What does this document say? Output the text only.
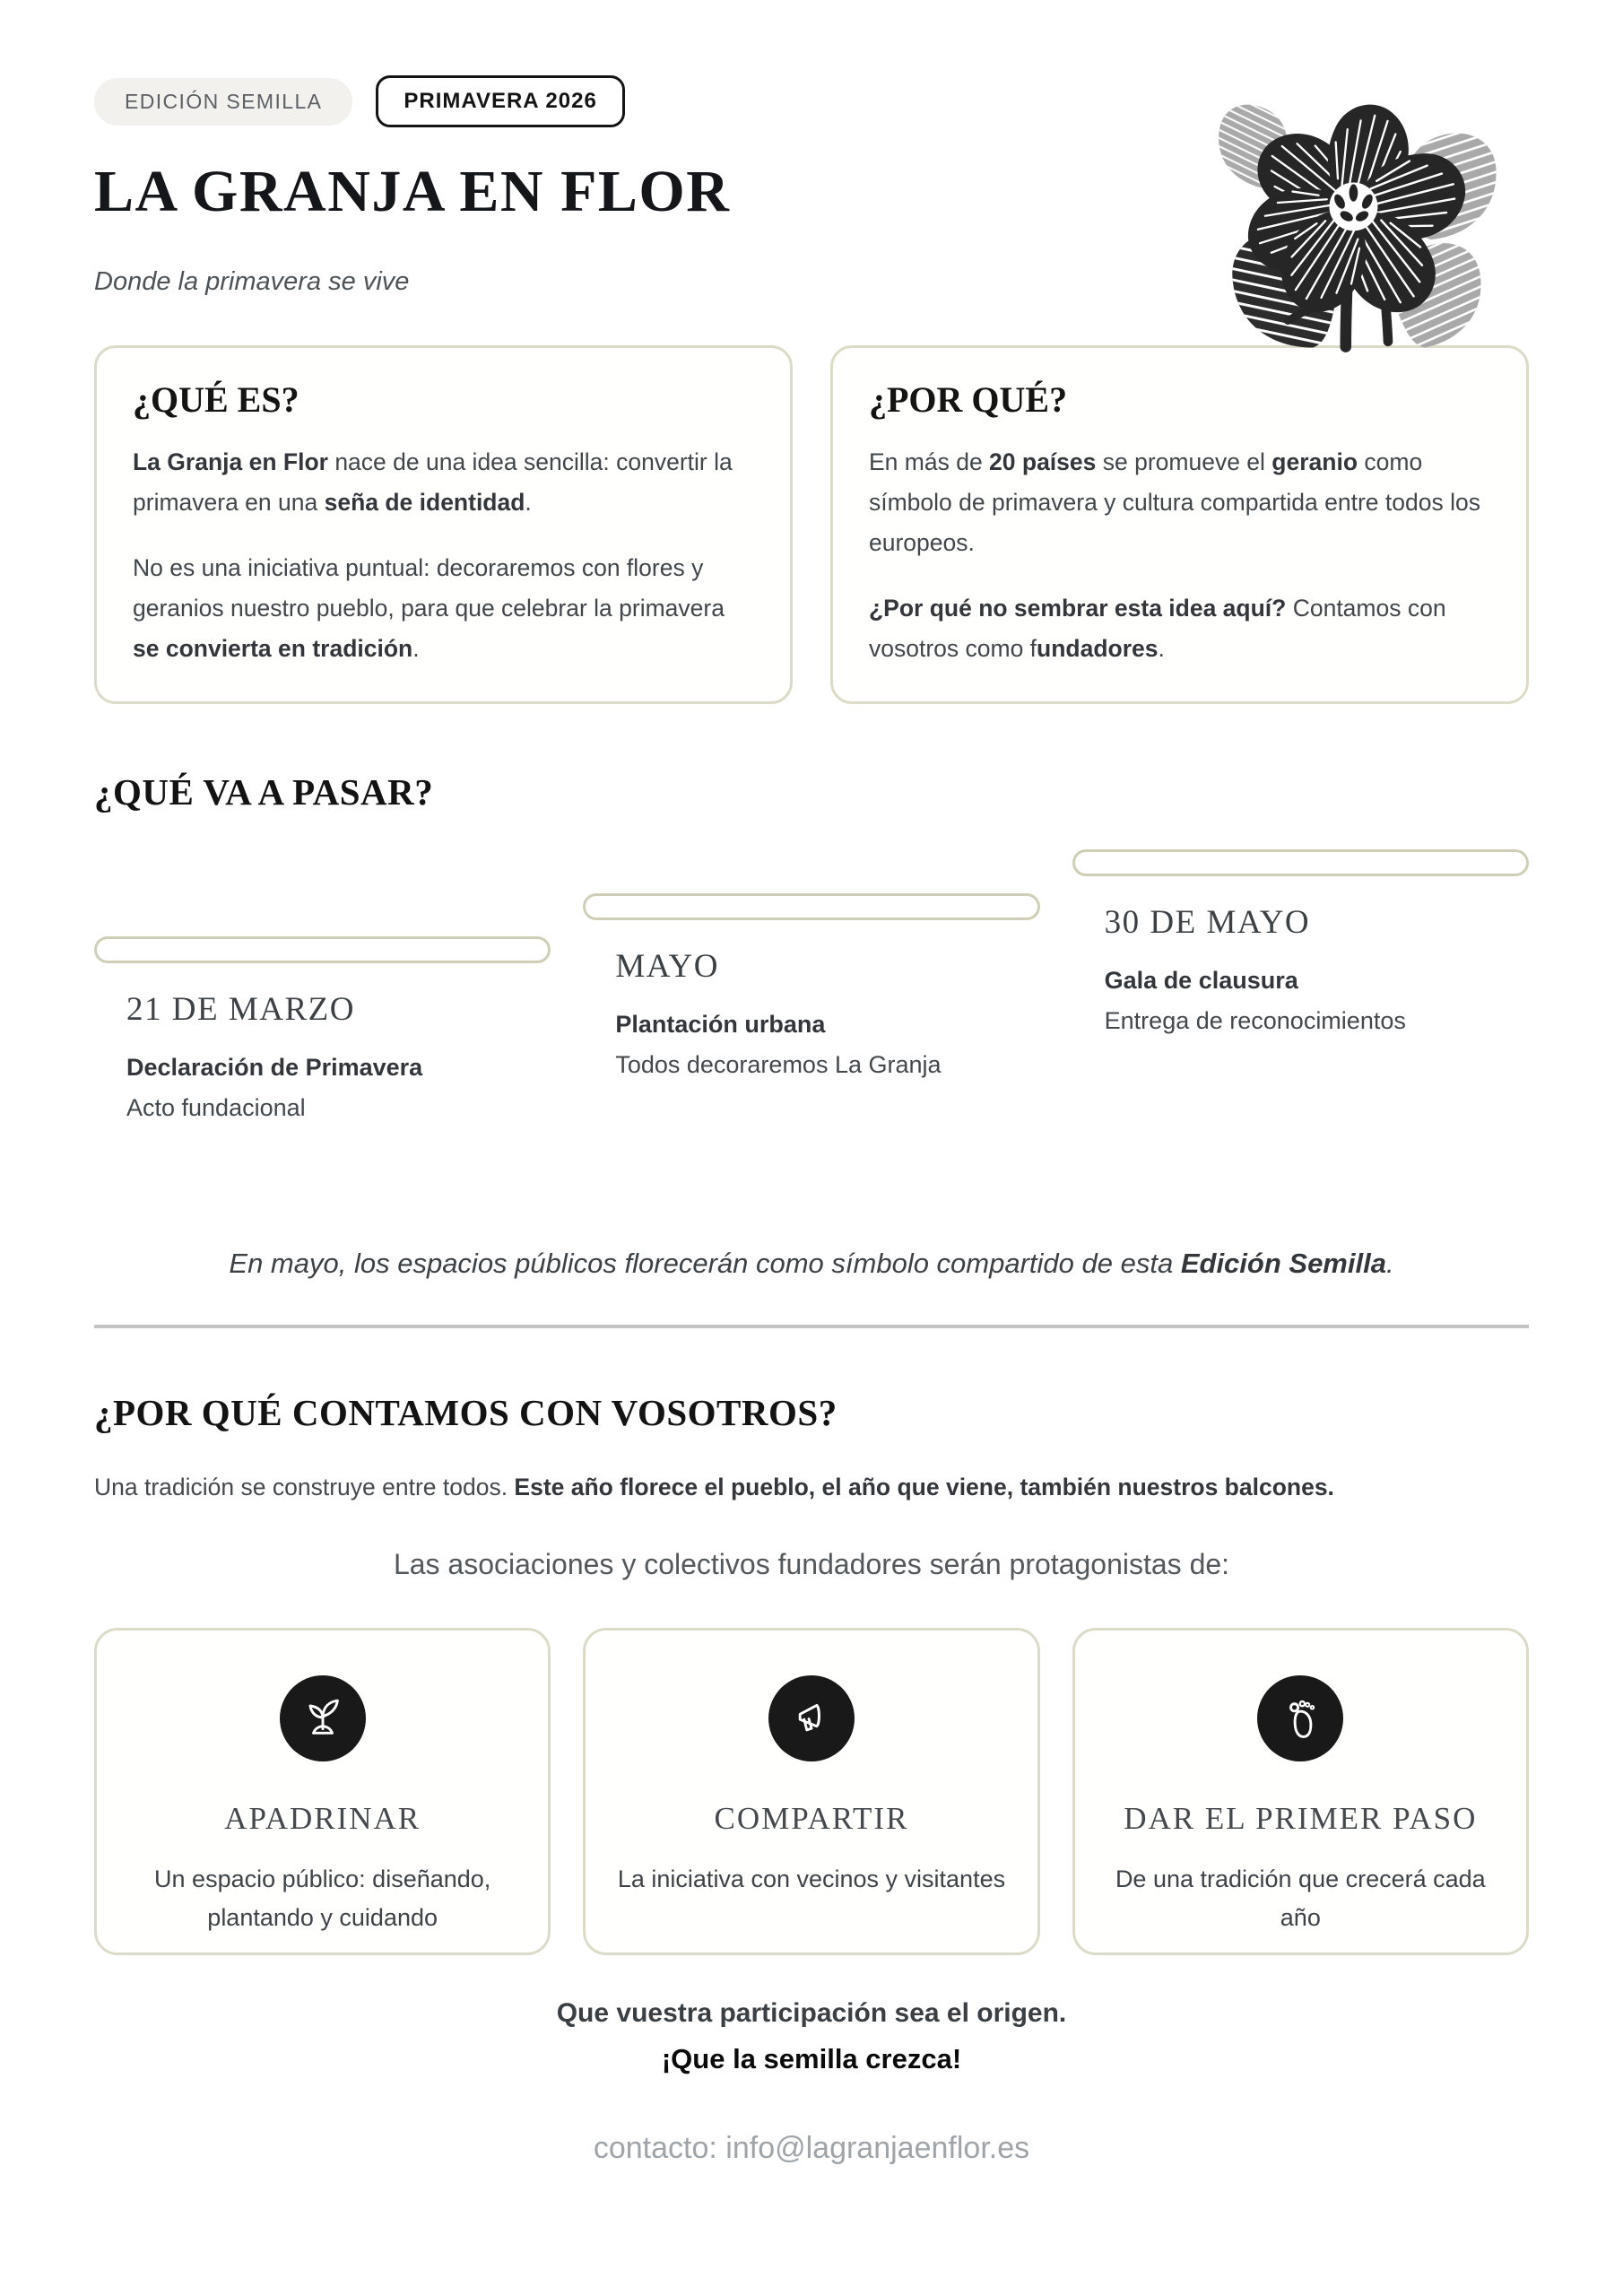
EDICIÓN SEMILLA	PRIMAVERA 2026
LA GRANJA EN FLOR
Donde la primavera se vive
¿QUÉ ES?

La Granja en Flor nace de una idea sencilla: convertir la primavera en una seña de identidad.

No es una iniciativa puntual: decoraremos con flores y geranios nuestro pueblo, para que celebrar la primavera se convierta en tradición.

¿POR QUÉ?

En más de 20 países se promueve el geranio como símbolo de primavera y cultura compartida entre todos los europeos.

¿Por qué no sembrar esta idea aquí? Contamos con vosotros como fundadores.

¿QUÉ VA A PASAR?
21 DE MARZO
Declaración de Primavera
Acto fundacional
MAYO
Plantación urbana
Todos decoraremos La Granja
30 DE MAYO
Gala de clausura
Entrega de reconocimientos
En mayo, los espacios públicos florecerán como símbolo compartido de esta Edición Semilla.
¿POR QUÉ CONTAMOS CON VOSOTROS?

Una tradición se construye entre todos. Este año florece el pueblo, el año que viene, también nuestros balcones.

Las asociaciones y colectivos fundadores serán protagonistas de:
APADRINAR
Un espacio público: diseñando, plantando y cuidando
COMPARTIR
La iniciativa con vecinos y visitantes
DAR EL PRIMER PASO
De una tradición que crecerá cada año
Que vuestra participación sea el origen.
¡Que la semilla crezca!
contacto: info@lagranjaenflor.es
